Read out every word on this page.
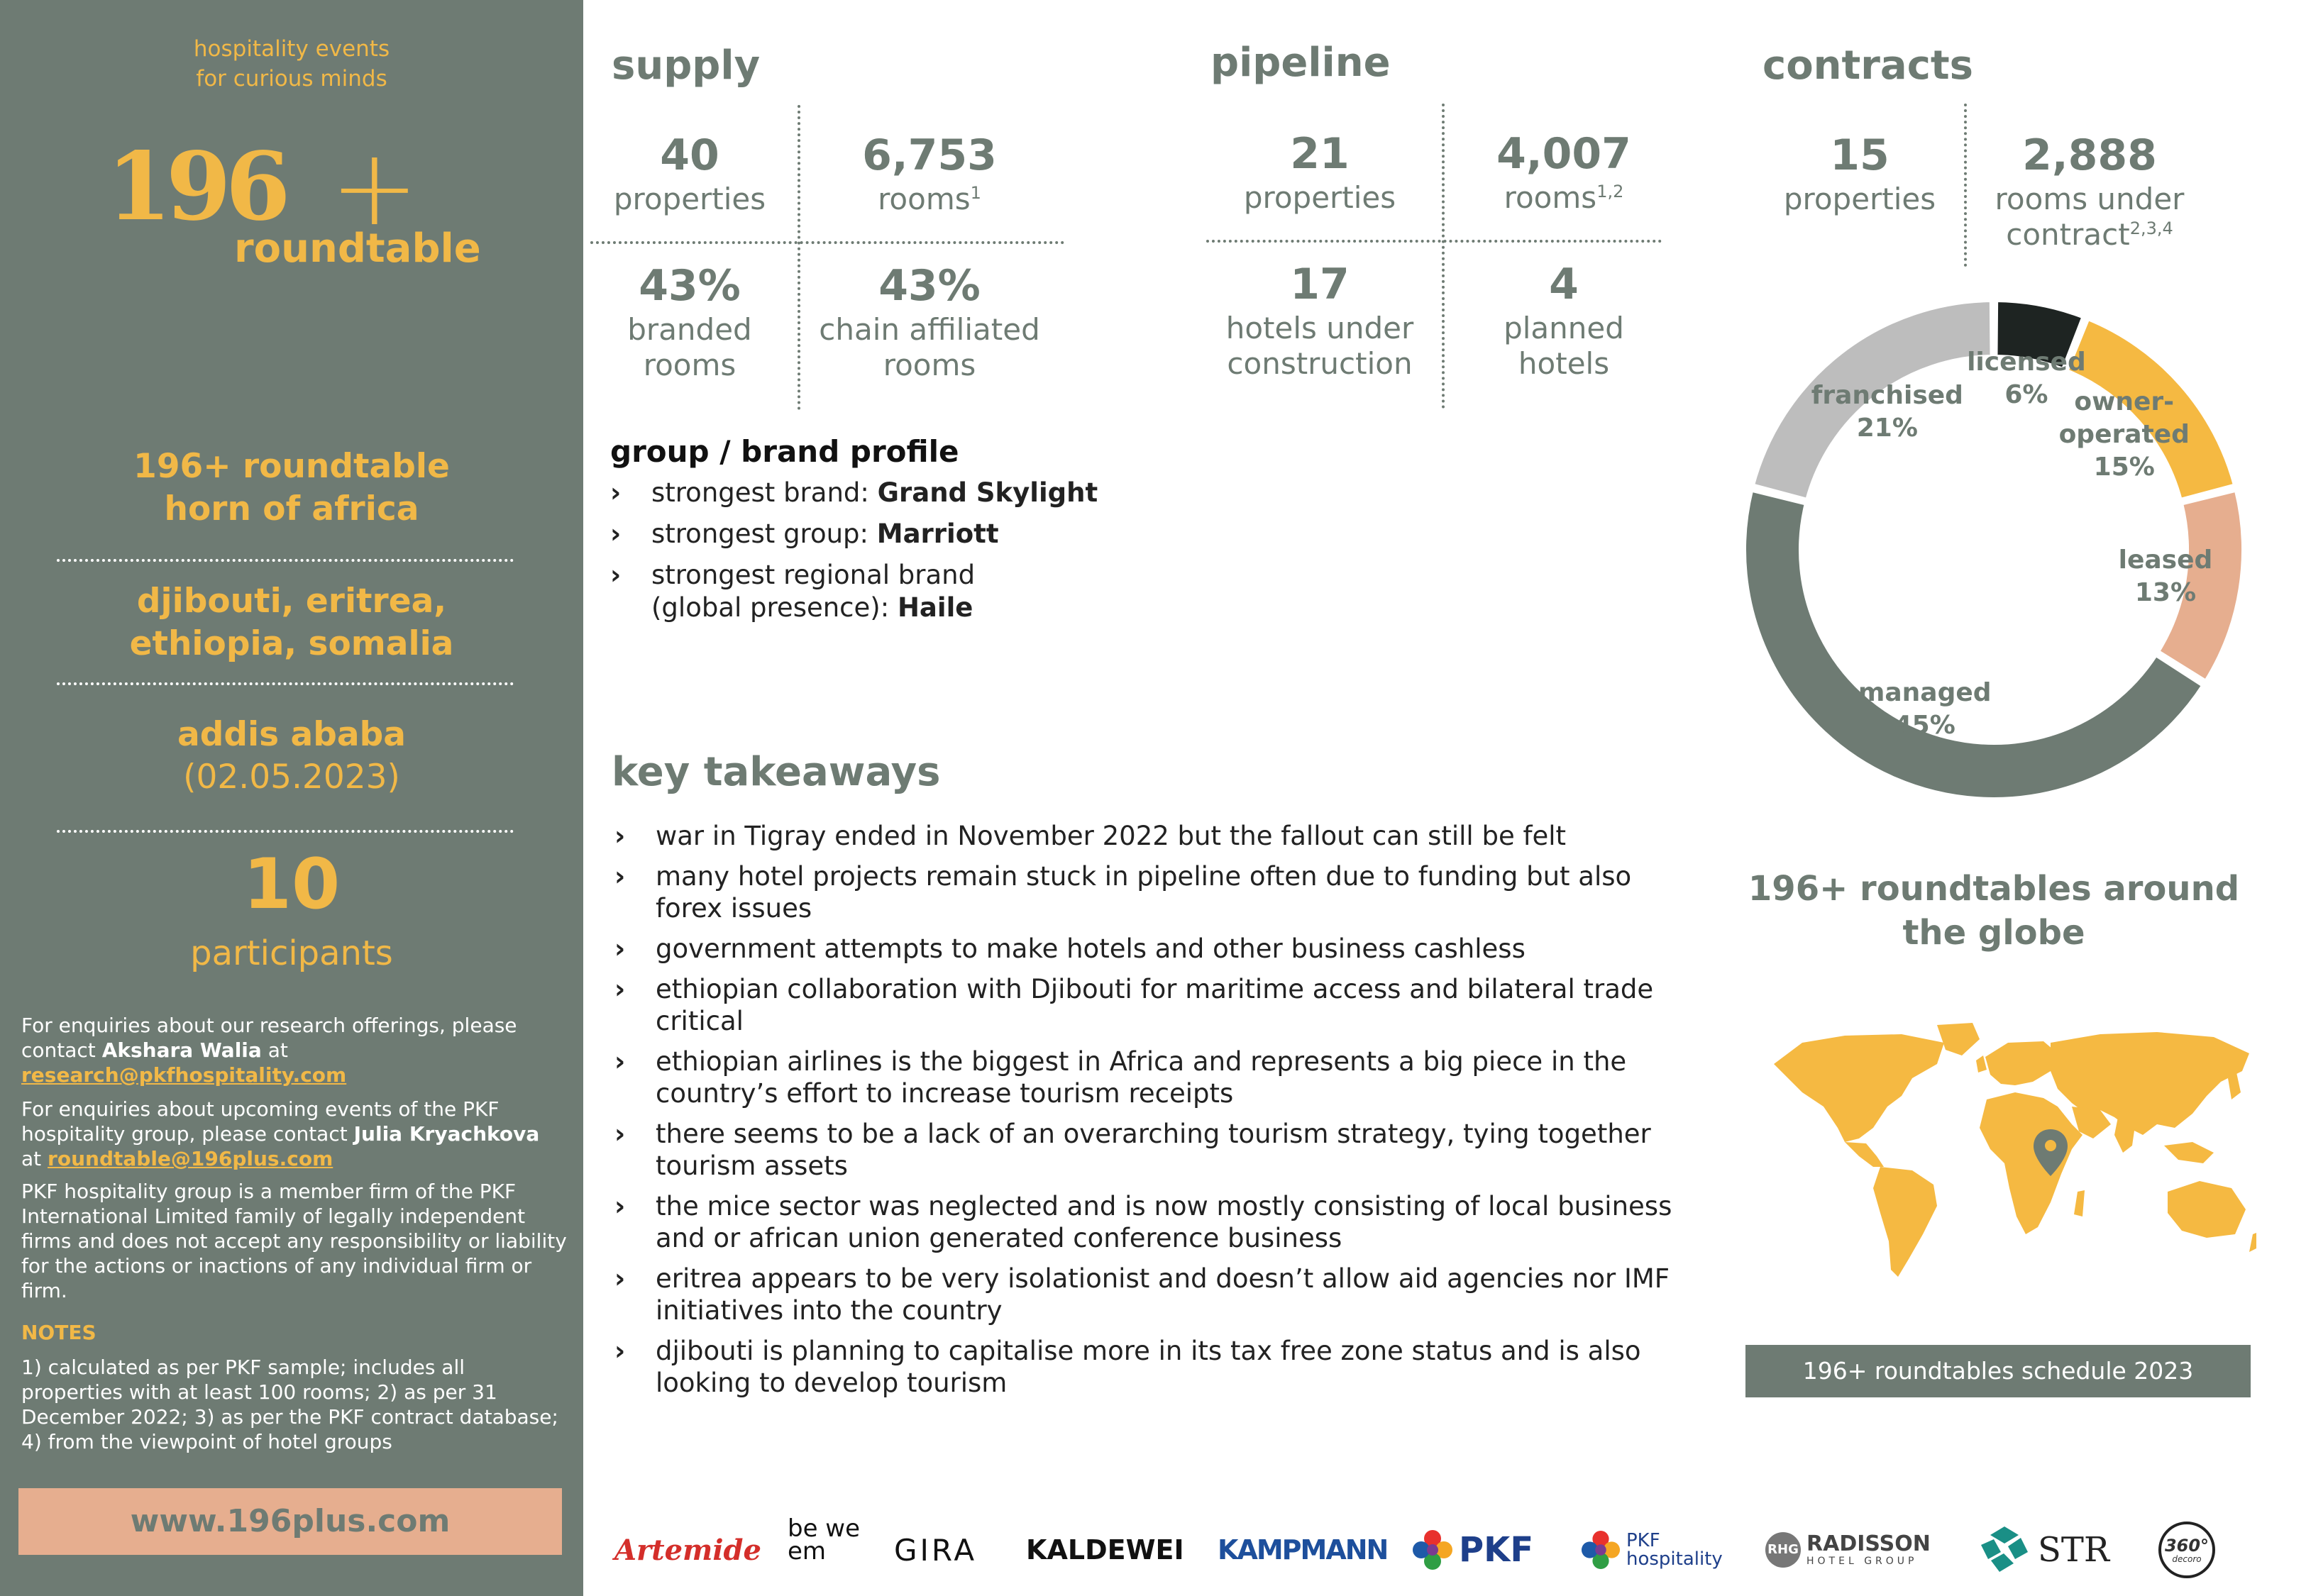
hospitality events
for curious minds
196 +
roundtable
196+ roundtable
horn of africa
djibouti, eritrea,
ethiopia, somalia
addis ababa
(02.05.2023)
10
participants
For enquiries about our research offerings, please contact Akshara Walia at
research@pkfhospitality.com
For enquiries about upcoming events of the PKF hospitality group, please contact Julia Kryachkova
at roundtable@196plus.com
PKF hospitality group is a member firm of the PKF International Limited family of legally independent firms and does not accept any responsibility or liability for the actions or inactions of any individual firm or firm.
NOTES
1) calculated as per PKF sample; includes all properties with at least 100 rooms; 2) as per 31 December 2022; 3) as per the PKF contract database; 4) from the viewpoint of hotel groups
www.196plus.com
supply
40
properties
6,753
rooms$^1$
43%
branded
rooms
43%
chain affiliated
rooms
pipeline
21
properties
4,007
rooms$^{1,2}$
17
hotels under
construction
4
planned
hotels
contracts
15
properties
2,888
rooms under
contract$^{2,3,4}$
licensed
6%	owner-
operated
15%
leased
13%
managed
45%
franchised
21%
group / brand profile
› strongest brand: Grand Skylight
› strongest group: Marriott
› strongest regional brand
(global presence): Haile
key takeaways
› war in Tigray ended in November 2022 but the fallout can still be felt
› many hotel projects remain stuck in pipeline often due to funding but also forex issues
› government attempts to make hotels and other business cashless
› ethiopian collaboration with Djibouti for maritime access and bilateral trade critical
› ethiopian airlines is the biggest in Africa and represents a big piece in the country’s effort to increase tourism receipts
› there seems to be a lack of an overarching tourism strategy, tying together tourism assets
› the mice sector was neglected and is now mostly consisting of local business and or african union generated conference business
› eritrea appears to be very isolationist and doesn’t allow aid agencies nor IMF initiatives into the country
› djibouti is planning to capitalise more in its tax free zone status and is also looking to develop tourism
196+ roundtables around
the globe
196+ roundtables schedule 2023
Artemide
be we em	GIRA KALDEWEI KAMPMANN PKF	PKF hospitality	RHG RADISSON
HOTEL GROUP	STR	360°
decoro
